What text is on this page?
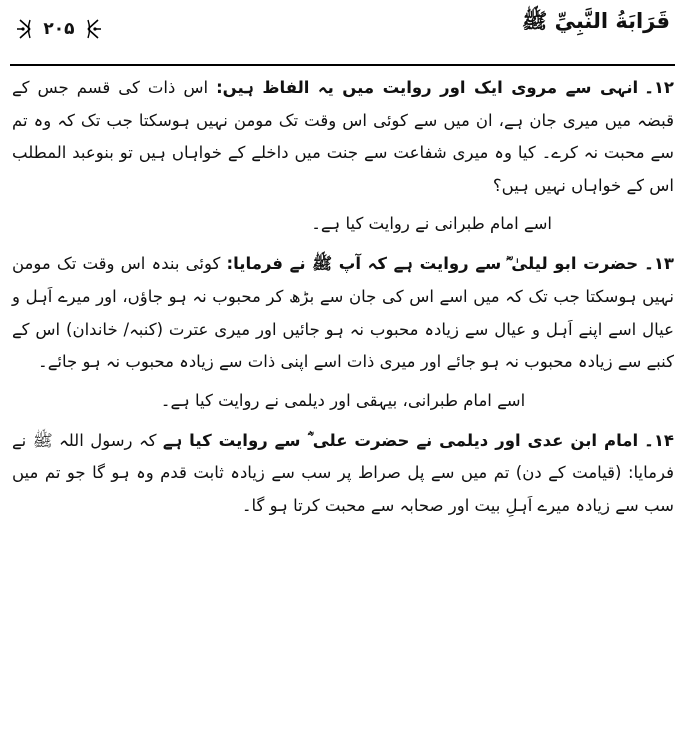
قَرَابَةُ النَّبِيِّ ﷺ
۲۰۵

۱۲۔انہی سے مروی ایک اور روایت میں یہ الفاظ ہیں: اس ذات کی قسم جس کے قبضہ میں میری جان ہے، ان میں سے کوئی اس وقت تک مومن نہیں ہوسکتا جب تک کہ وہ تم سے محبت نہ کرے۔ کیا وہ میری شفاعت سے جنت میں داخلے کے خواہاں ہیں تو بنوعبد المطلب اس کے خواہاں نہیں ہیں؟

اسے امام طبرانی نے روایت کیا ہے۔

۱۳۔حضرت ابو لیلیٰ ؓ سے روایت ہے کہ آپ ﷺ نے فرمایا: کوئی بندہ اس وقت تک مومن نہیں ہوسکتا جب تک کہ میں اسے اس کی جان سے بڑھ کر محبوب نہ ہو جاؤں، اور میرے اَہل و عیال اسے اپنے اَہل و عیال سے زیادہ محبوب نہ ہو جائیں اور میری عترت (کنبہ/ خاندان) اس کے کنبے سے زیادہ محبوب نہ ہو جائے اور میری ذات اسے اپنی ذات سے زیادہ محبوب نہ ہو جائے۔

اسے امام طبرانی، بیہقی اور دیلمی نے روایت کیا ہے۔

۱۴۔امام ابن عدی اور دیلمی نے حضرت علی ؓ سے روایت کیا ہے کہ رسول اللہ ﷺ نے فرمایا: (قیامت کے دن) تم میں سے پل صراط پر سب سے زیادہ ثابت قدم وہ ہو گا جو تم میں سب سے زیادہ میرے اَہلِ بیت اور صحابہ سے محبت کرتا ہو گا۔
